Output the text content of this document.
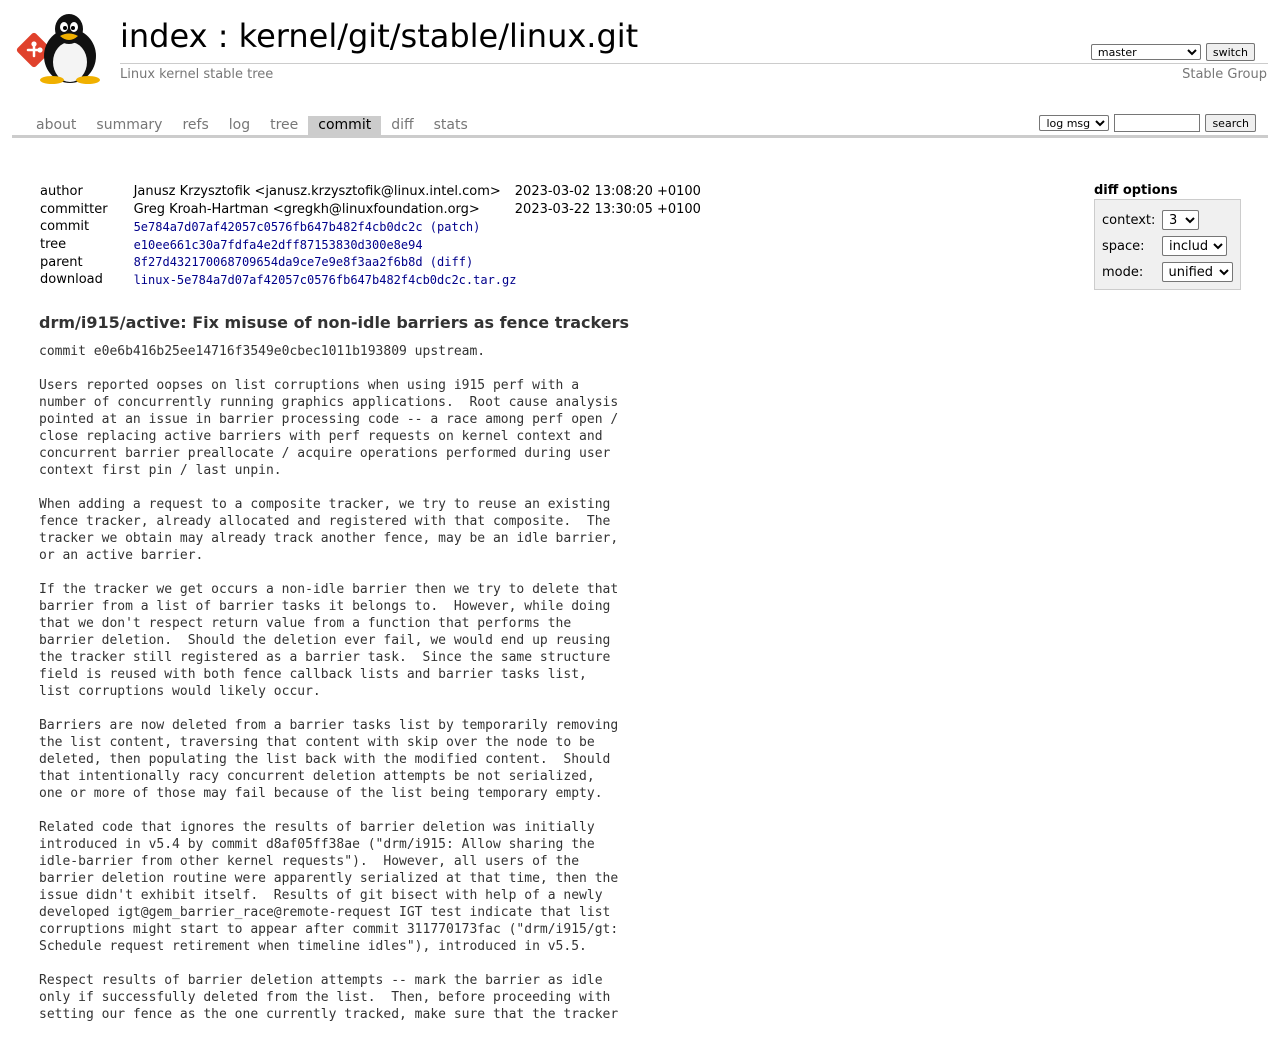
index : kernel/git/stable/linux.git
Linux kernel stable tree	Stable Group
master
switch
about	summary	refs	log	tree	commit	diff	stats
log msg	search
author	Janusz Krzysztofik <janusz.krzysztofik@linux.intel.com>	2023-03-02 13:08:20 +0100
committer	Greg Kroah-Hartman <gregkh@linuxfoundation.org>	2023-03-22 13:30:05 +0100
commit	5e784a7d07af42057c0576fb647b482f4cb0dc2c (patch)	
tree	e10ee661c30a7fdfa4e2dff87153830d300e8e94	
parent	8f27d432170068709654da9ce7e9e8f3aa2f6b8d (diff)	
download	linux-5e784a7d07af42057c0576fb647b482f4cb0dc2c.tar.gz	
diff options
context:
3
space:
include
mode:
unified
drm/i915/active: Fix misuse of non-idle barriers as fence trackers
commit e0e6b416b25ee14716f3549e0cbec1011b193809 upstream.
Users reported oopses on list corruptions when using i915 perf with a
number of concurrently running graphics applications.  Root cause analysis
pointed at an issue in barrier processing code -- a race among perf open /
close replacing active barriers with perf requests on kernel context and
concurrent barrier preallocate / acquire operations performed during user
context first pin / last unpin.
When adding a request to a composite tracker, we try to reuse an existing
fence tracker, already allocated and registered with that composite.  The
tracker we obtain may already track another fence, may be an idle barrier,
or an active barrier.
If the tracker we get occurs a non-idle barrier then we try to delete that
barrier from a list of barrier tasks it belongs to.  However, while doing
that we don't respect return value from a function that performs the
barrier deletion.  Should the deletion ever fail, we would end up reusing
the tracker still registered as a barrier task.  Since the same structure
field is reused with both fence callback lists and barrier tasks list,
list corruptions would likely occur.
Barriers are now deleted from a barrier tasks list by temporarily removing
the list content, traversing that content with skip over the node to be
deleted, then populating the list back with the modified content.  Should
that intentionally racy concurrent deletion attempts be not serialized,
one or more of those may fail because of the list being temporary empty.
Related code that ignores the results of barrier deletion was initially
introduced in v5.4 by commit d8af05ff38ae ("drm/i915: Allow sharing the
idle-barrier from other kernel requests").  However, all users of the
barrier deletion routine were apparently serialized at that time, then the
issue didn't exhibit itself.  Results of git bisect with help of a newly
developed igt@gem_barrier_race@remote-request IGT test indicate that list
corruptions might start to appear after commit 311770173fac ("drm/i915/gt:
Schedule request retirement when timeline idles"), introduced in v5.5.
Respect results of barrier deletion attempts -- mark the barrier as idle
only if successfully deleted from the list.  Then, before proceeding with
setting our fence as the one currently tracked, make sure that the tracker
